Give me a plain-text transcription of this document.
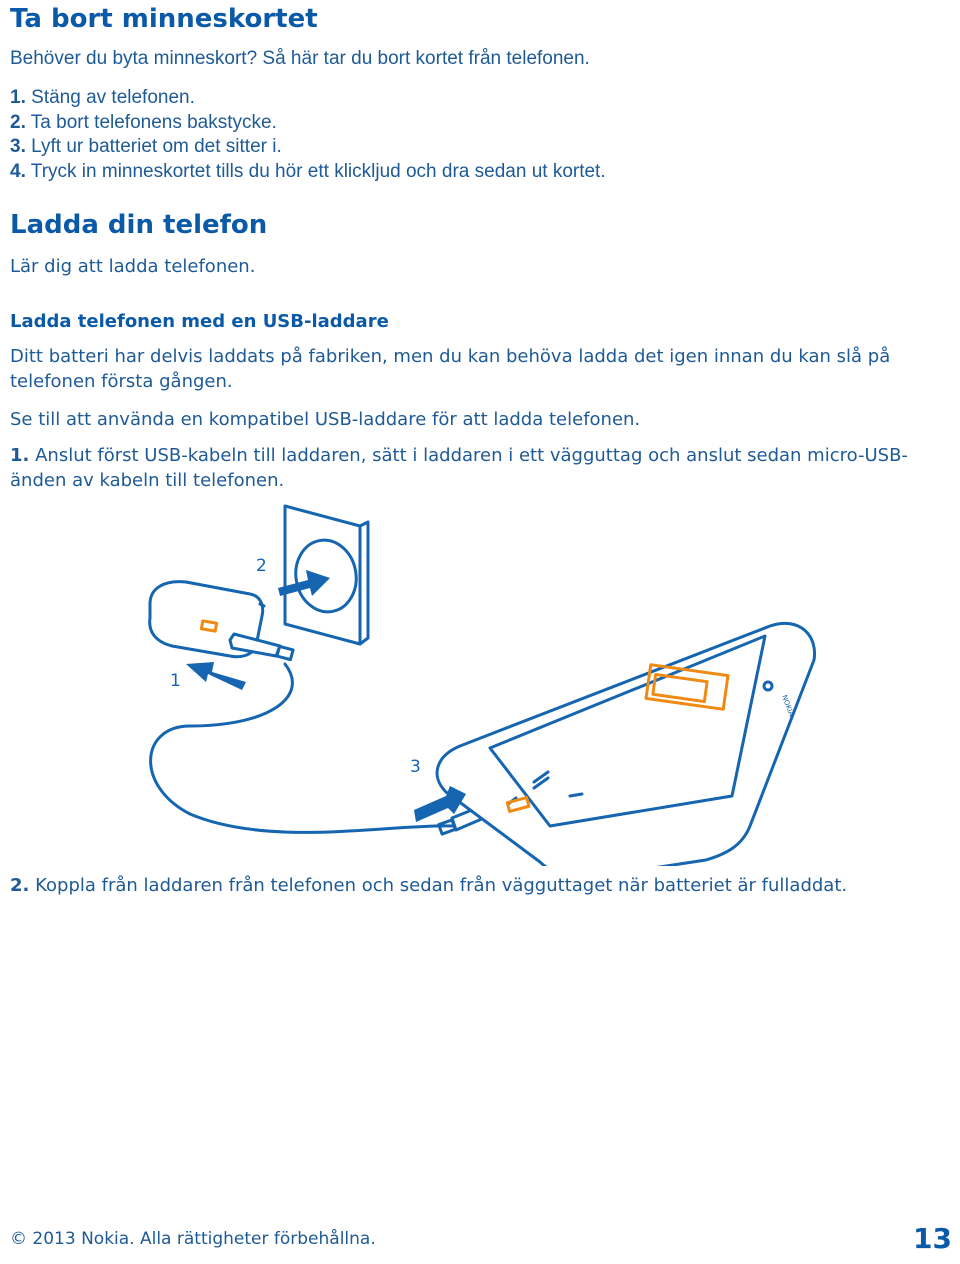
Ta bort minneskortet
Behöver du byta minneskort? Så här tar du bort kortet från telefonen.
1. Stäng av telefonen.
2. Ta bort telefonens bakstycke.
3. Lyft ur batteriet om det sitter i.
4. Tryck in minneskortet tills du hör ett klickljud och dra sedan ut kortet.
Ladda din telefon
Lär dig att ladda telefonen.
Ladda telefonen med en USB-laddare

Ditt batteri har delvis laddats på fabriken, men du kan behöva ladda det igen innan du kan slå på telefonen första gången.

Se till att använda en kompatibel USB-laddare för att ladda telefonen.

1. Anslut först USB-kabeln till laddaren, sätt i laddaren i ett vägguttag och anslut sedan micro-USB-änden av kabeln till telefonen.

2
1
3
NOKIA

2. Koppla från laddaren från telefonen och sedan från vägguttaget när batteriet är fulladdat.

© 2013 Nokia. Alla rättigheter förbehållna.	13
